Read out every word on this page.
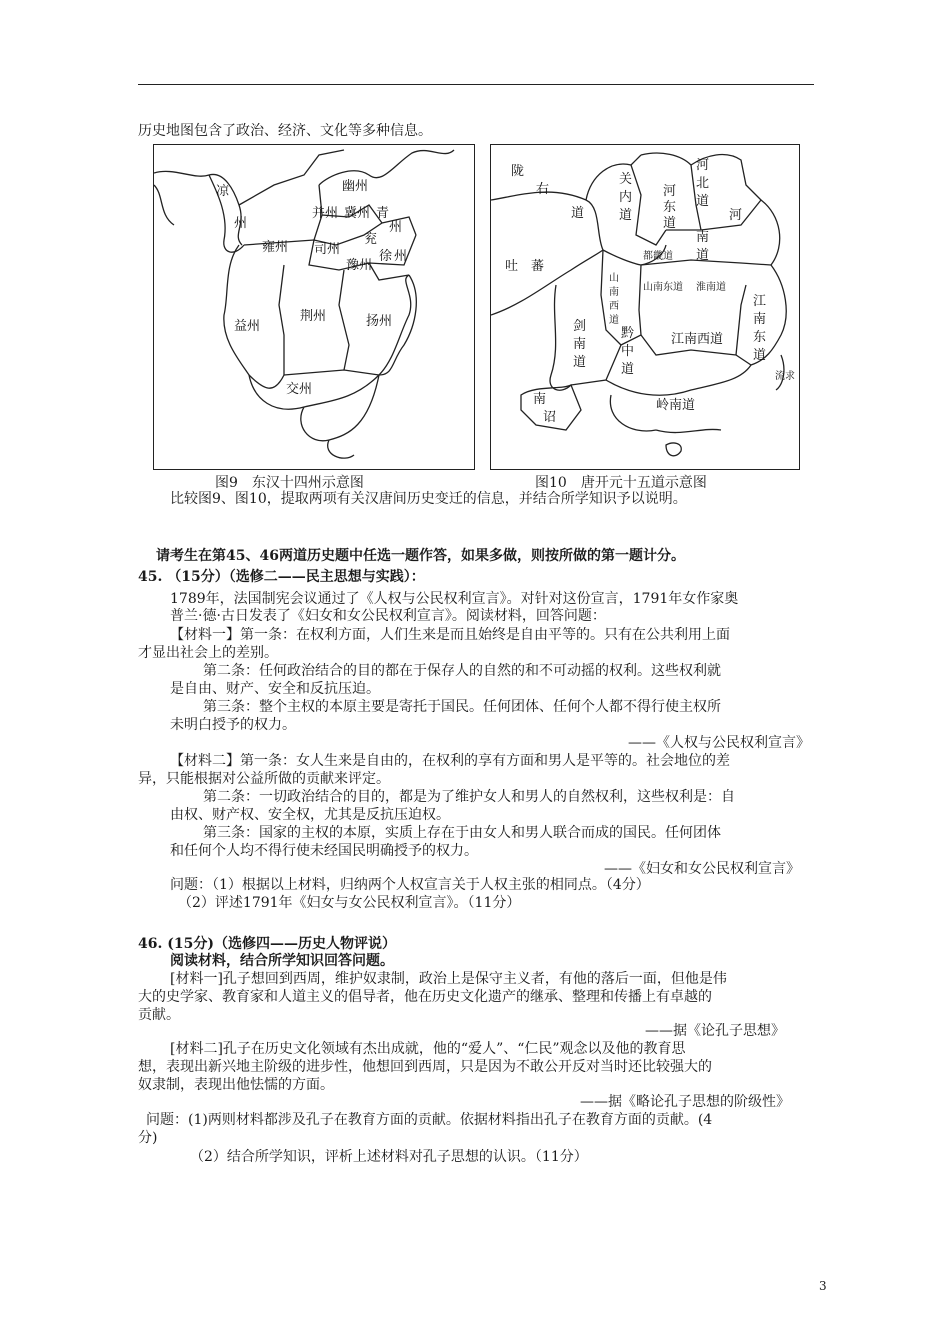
历史地图包含了政治、经济、文化等多种信息。
凉
州
幽州
并州 冀州 青
州
雍州 司州
兖
豫州
徐 州
益州
荆州	扬州
交州
陇
右
道
关
内
道
河
东
道
河
北
道
河
南
道
都畿道
吐 蕃
山
南
西
道
山南东道 淮南道
剑
南
道
黔
中
道
江南西道
江
南
东
道
南
诏
岭南道
流求
图9　东汉十四州示意图	图10　唐开元十五道示意图
比较图9、图10，提取两项有关汉唐间历史变迁的信息，并结合所学知识予以说明。
请考生在第45、46两道历史题中任选一题作答，如果多做，则按所做的第一题计分。
45. （15分）（选修二——民主思想与实践）：
1789年，法国制宪会议通过了《人权与公民权利宣言》。对针对这份宣言，1791年女作家奥
普兰·德·古日发表了《妇女和女公民权利宣言》。阅读材料，回答问题：
【材料一】第一条：在权利方面，人们生来是而且始终是自由平等的。只有在公共利用上面
才显出社会上的差别。
第二条：任何政治结合的目的都在于保存人的自然的和不可动摇的权利。这些权利就
是自由、财产、安全和反抗压迫。
第三条：整个主权的本原主要是寄托于国民。任何团体、任何个人都不得行使主权所
未明白授予的权力。
——《人权与公民权利宣言》
【材料二】第一条：女人生来是自由的，在权利的享有方面和男人是平等的。社会地位的差
异，只能根据对公益所做的贡献来评定。
第二条：一切政治结合的目的，都是为了维护女人和男人的自然权利，这些权利是：自
由权、财产权、安全权，尤其是反抗压迫权。
第三条：国家的主权的本原，实质上存在于由女人和男人联合而成的国民。任何团体
和任何个人均不得行使未经国民明确授予的权力。
——《妇女和女公民权利宣言》
问题：（1）根据以上材料，归纳两个人权宣言关于人权主张的相同点。（4分）
（2）评述1791年《妇女与女公民权利宣言》。（11分）
46. (15分)（选修四——历史人物评说）
阅读材料，结合所学知识回答问题。
[材料一]孔子想回到西周，维护奴隶制，政治上是保守主义者，有他的落后一面，但他是伟
大的史学家、教育家和人道主义的倡导者，他在历史文化遗产的继承、整理和传播上有卓越的
贡献。
——据《论孔子思想》
[材料二]孔子在历史文化领域有杰出成就，他的“爱人”、“仁民”观念以及他的教育思
想，表现出新兴地主阶级的进步性，他想回到西周，只是因为不敢公开反对当时还比较强大的
奴隶制，表现出他怯懦的方面。
——据《略论孔子思想的阶级性》
问题：(1)两则材料都涉及孔子在教育方面的贡献。依据材料指出孔子在教育方面的贡献。(4
分)
（2）结合所学知识，评析上述材料对孔子思想的认识。（11分）
3
